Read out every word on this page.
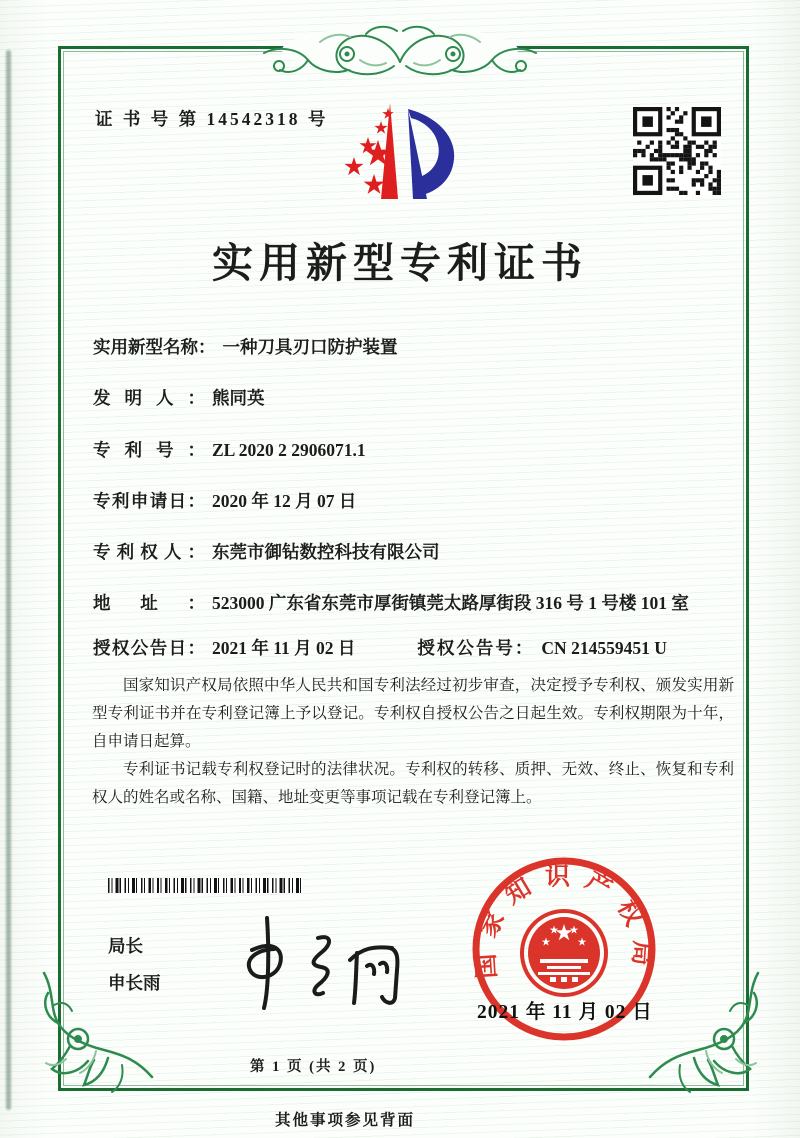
证 书 号 第 14542318 号
实用新型专利证书
实用新型名称： 一种刀具刃口防护装置
发明人： 熊同英
专利号： ZL 2020 2 2906071.1
专利申请日： 2020 年 12 月 07 日
专利权人： 东莞市御钻数控科技有限公司
地址： 523000 广东省东莞市厚街镇莞太路厚街段 316 号 1 号楼 101 室
授权公告日： 2021 年 11 月 02 日	授权公告号： CN 214559451 U

国家知识产权局依照中华人民共和国专利法经过初步审查，决定授予专利权、颁发实用新型专利证书并在专利登记簿上予以登记。专利权自授权公告之日起生效。专利权期限为十年，自申请日起算。

专利证书记载专利权登记时的法律状况。专利权的转移、质押、无效、终止、恢复和专利权人的姓名或名称、国籍、地址变更等事项记载在专利登记簿上。

局长
申长雨
国家知识产权局
2021 年 11 月 02 日
第 1 页 (共 2 页)
其他事项参见背面
